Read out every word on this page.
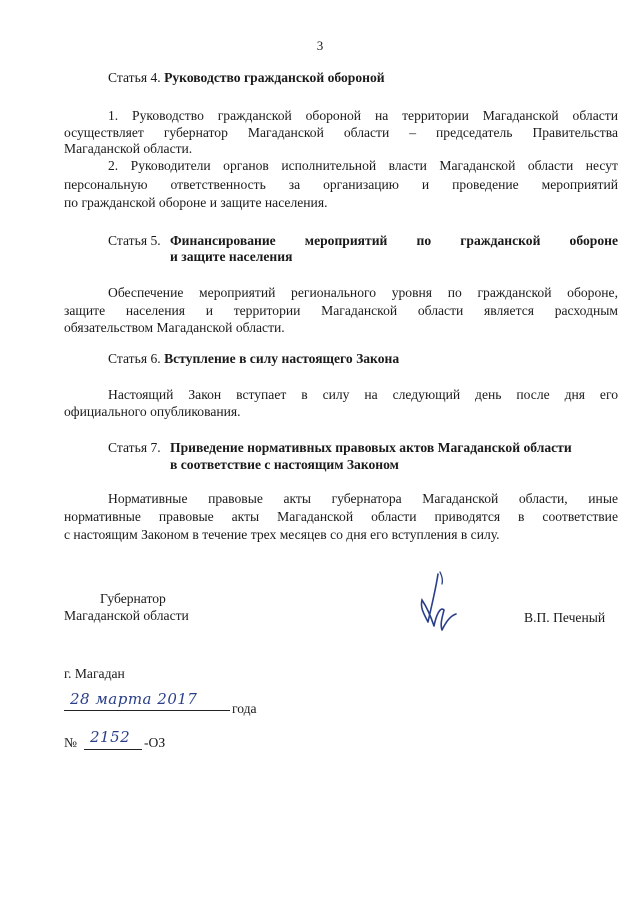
3
Статья 4. Руководство гражданской обороной
1. Руководство гражданской обороной на территории Магаданской области
осуществляет губернатор Магаданской области – председатель Правительства
Магаданской области.
2. Руководители органов исполнительной власти Магаданской области несут
персональную ответственность за организацию и проведение мероприятий
по гражданской обороне и защите населения.
Статья 5. Финансирование мероприятий по гражданской обороне
и защите населения
Обеспечение мероприятий регионального уровня по гражданской обороне,
защите населения и территории Магаданской области является расходным
обязательством Магаданской области.
Статья 6. Вступление в силу настоящего Закона
Настоящий Закон вступает в силу на следующий день после дня его
официального опубликования.
Статья 7. Приведение нормативных правовых актов Магаданской области
в соответствие с настоящим Законом
Нормативные правовые акты губернатора Магаданской области, иные
нормативные правовые акты Магаданской области приводятся в соответствие
с настоящим Законом в течение трех месяцев со дня его вступления в силу.
Губернатор
Магаданской области	В.П. Печеный
г. Магадан
28 марта 2017
года
№ 2152 -ОЗ
